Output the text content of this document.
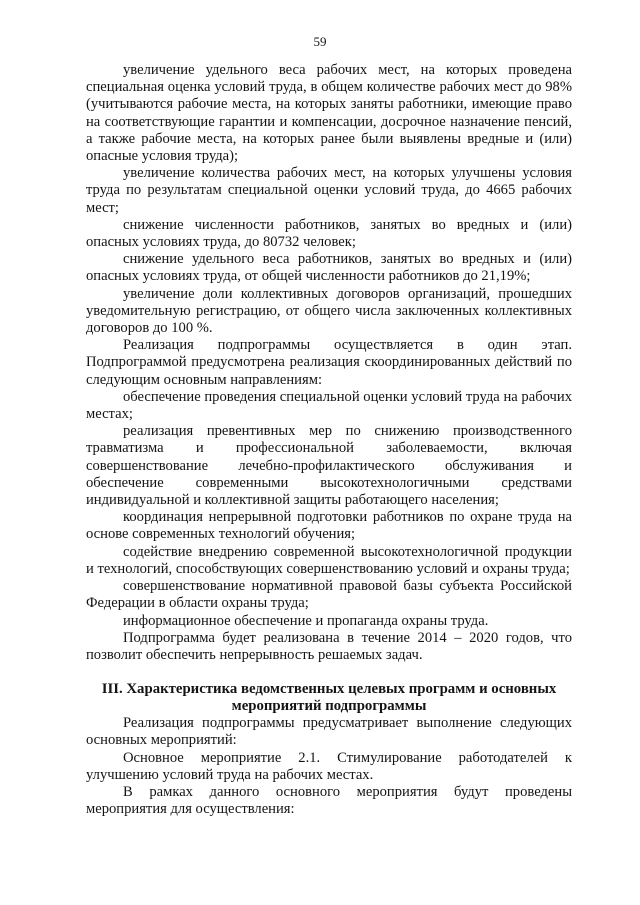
59

увеличение удельного веса рабочих мест, на которых проведена специальная оценка условий труда, в общем количестве рабочих мест до 98% (учитываются рабочие места, на которых заняты работники, имеющие право на соответствующие гарантии и компенсации, досрочное назначение пенсий, а также рабочие места, на которых ранее были выявлены вредные и (или) опасные условия труда);

увеличение количества рабочих мест, на которых улучшены условия труда по результатам специальной оценки условий труда, до 4665 рабочих мест;

снижение численности работников, занятых во вредных и (или) опасных условиях труда, до 80732 человек;

снижение удельного веса работников, занятых во вредных и (или) опасных условиях труда, от общей численности работников до 21,19%;

увеличение доли коллективных договоров организаций, прошедших уведомительную регистрацию, от общего числа заключенных коллективных договоров до 100 %.

Реализация подпрограммы осуществляется в один этап. Подпрограммой предусмотрена реализация скоординированных действий по следующим основным направлениям:

обеспечение проведения специальной оценки условий труда на рабочих местах;

реализация превентивных мер по снижению производственного травматизма и профессиональной заболеваемости, включая совершенствование лечебно-профилактического обслуживания и обеспечение современными высокотехнологичными средствами индивидуальной и коллективной защиты работающего населения;

координация непрерывной подготовки работников по охране труда на основе современных технологий обучения;

содействие внедрению современной высокотехнологичной продукции и технологий, способствующих совершенствованию условий и охраны труда;

совершенствование нормативной правовой базы субъекта Российской Федерации в области охраны труда;

информационное обеспечение и пропаганда охраны труда.

Подпрограмма будет реализована в течение 2014 – 2020 годов, что позволит обеспечить непрерывность решаемых задач.

III. Характеристика ведомственных целевых программ и основных
мероприятий подпрограммы

Реализация подпрограммы предусматривает выполнение следующих основных мероприятий:

Основное мероприятие 2.1. Стимулирование работодателей к улучшению условий труда на рабочих местах.

В рамках данного основного мероприятия будут проведены мероприятия для осуществления:
